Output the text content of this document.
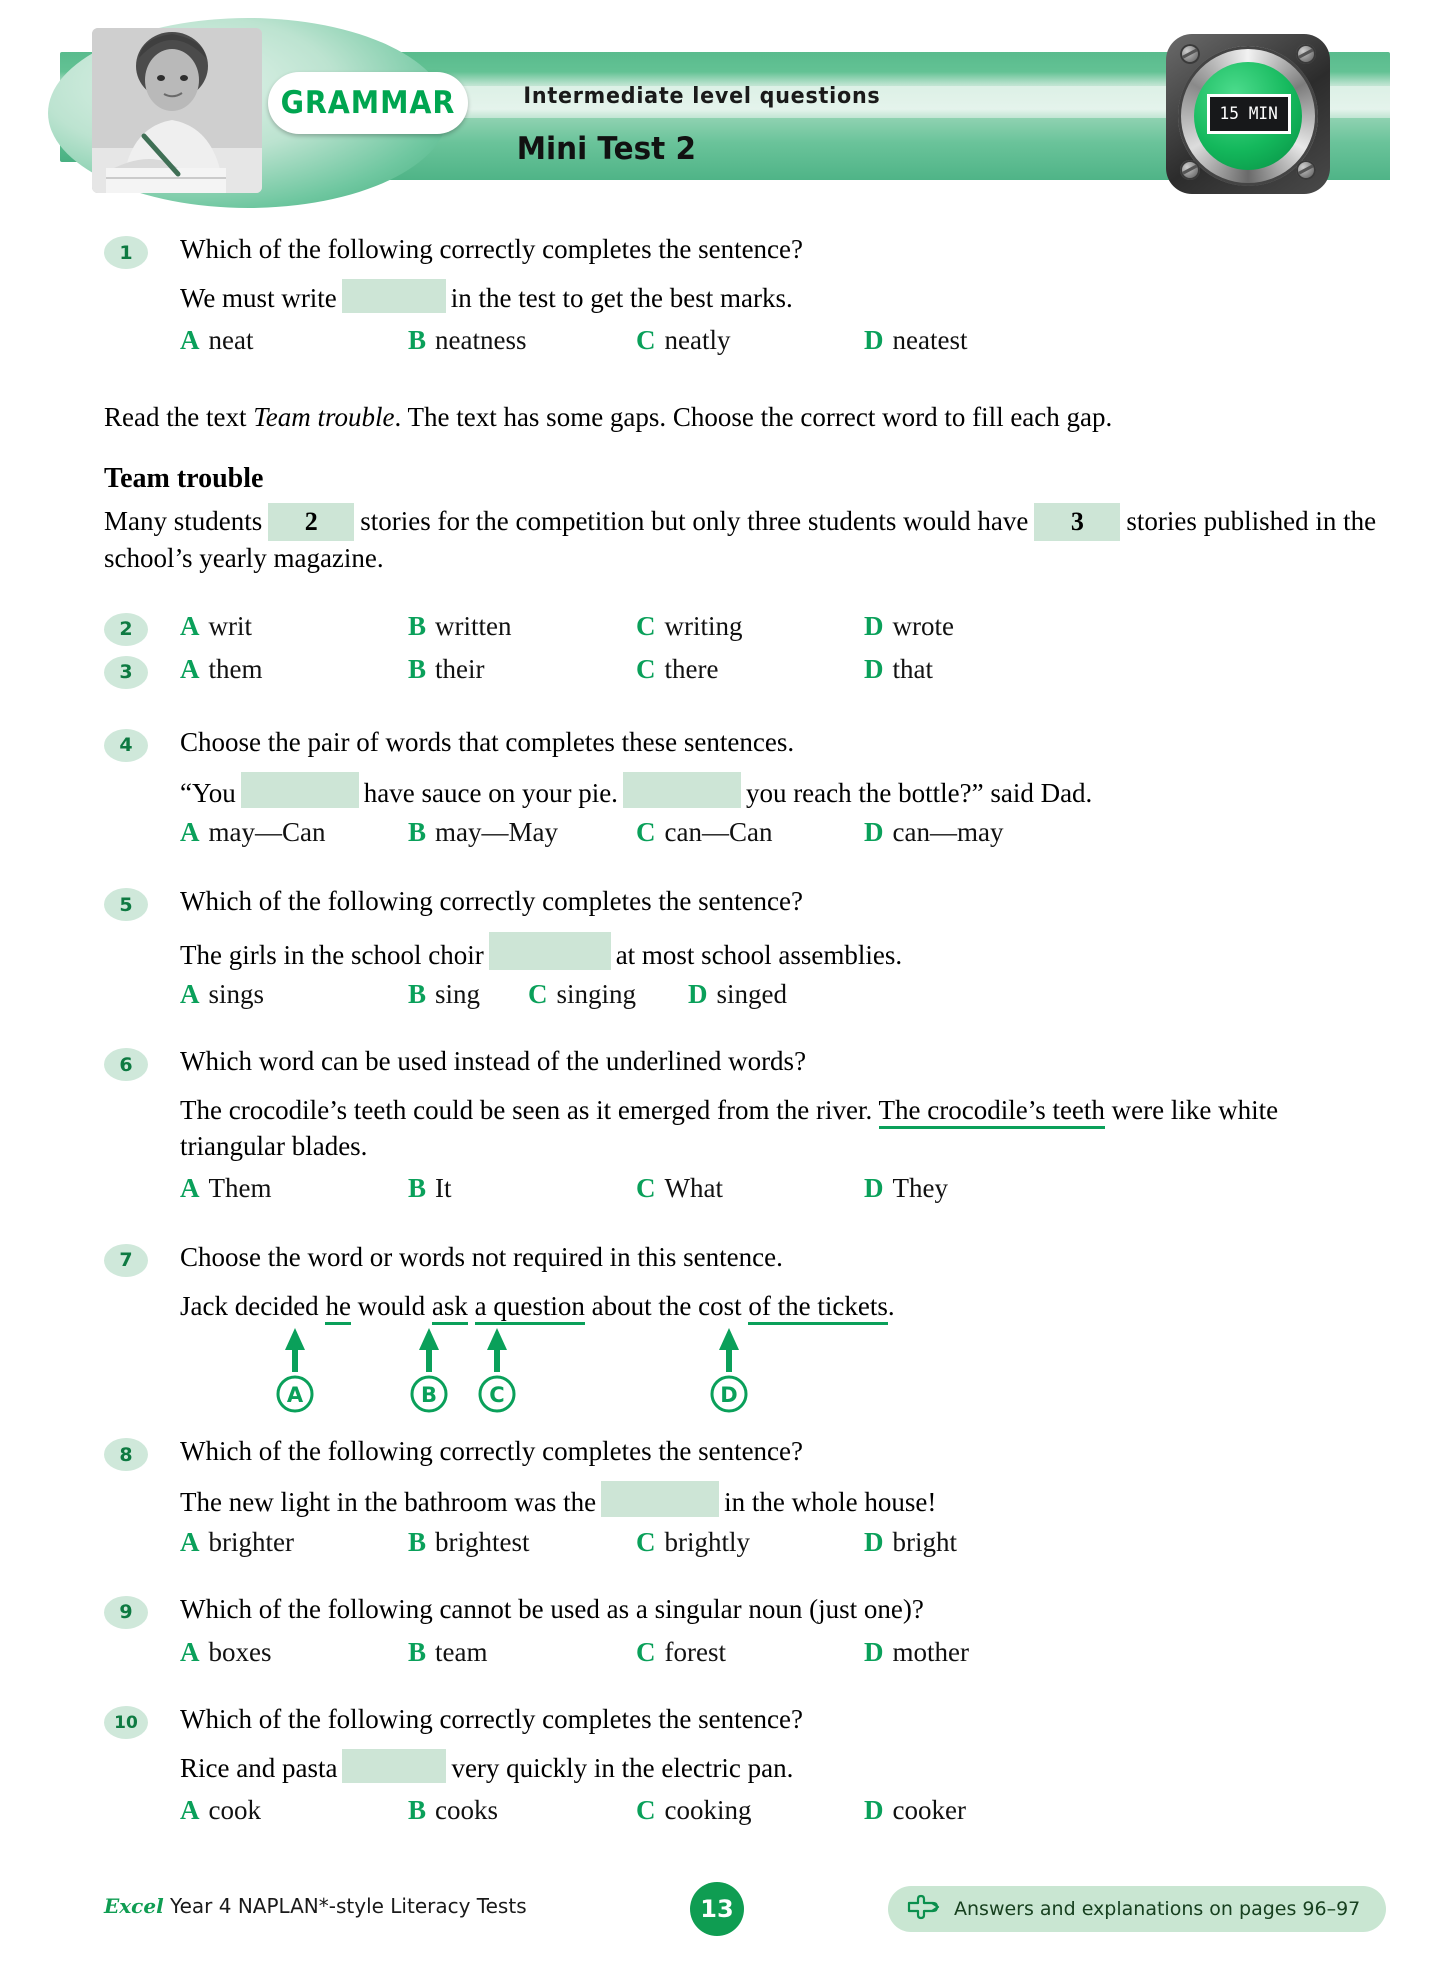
GRAMMAR	Intermediate level questions
Mini Test 2
15 MIN
1	Which of the following correctly completes the sentence?
We must write	in the test to get the best marks.
A neat	B neatness	C neatly	D neatest
Read the text Team trouble. The text has some gaps. Choose the correct word to fill each gap.
Team trouble
Many students 2 stories for the competition but only three students would have 3 stories published in the school’s yearly magazine.
2	A writ	B written	C writing	D wrote
3	A them	B their	C there	D that
4	Choose the pair of words that completes these sentences.
“You	have sauce on your pie.	you reach the bottle?” said Dad.
A may—Can	B may—May	C can—Can	D can—may
5	Which of the following correctly completes the sentence?
The girls in the school choir	at most school assemblies.
A sings	B sing C singing D singed
6	Which word can be used instead of the underlined words?
The crocodile’s teeth could be seen as it emerged from the river. The crocodile’s teeth were like white triangular blades.
A Them	B It	C What	D They
7	Choose the word or words not required in this sentence.
Jack decided he would ask a question about the cost of the tickets.
A	B C	D
8	Which of the following correctly completes the sentence?
The new light in the bathroom was the	in the whole house!
A brighter	B brightest	C brightly	D bright
9	Which of the following cannot be used as a singular noun (just one)?
A boxes	B team	C forest	D mother
10	Which of the following correctly completes the sentence?
Rice and pasta	very quickly in the electric pan.
A cook	B cooks	C cooking	D cooker
Excel Year 4 NAPLAN*-style Literacy Tests	13	Answers and explanations on pages 96–97
